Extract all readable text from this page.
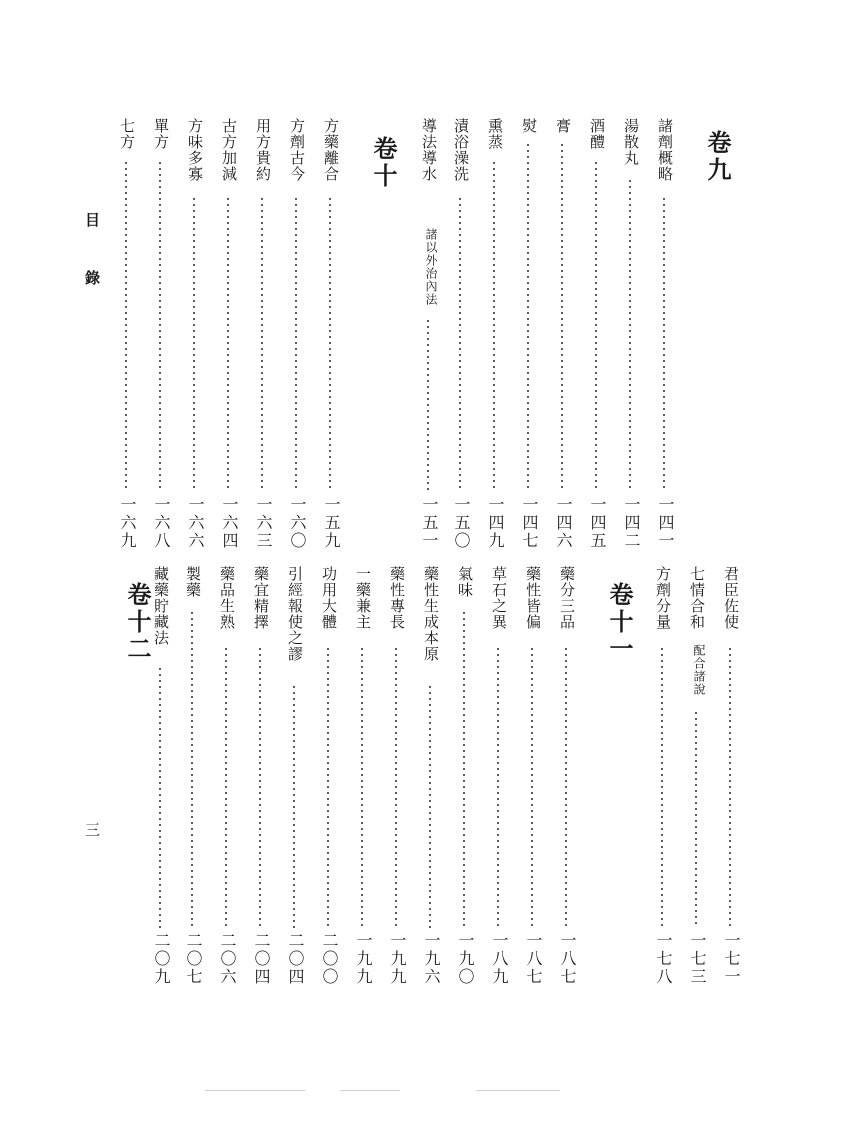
目
錄
三
卷九
諸劑概略
一四一
湯散丸
一四二
酒醴
一四五
膏
一四六
熨
一四七
熏蒸
一四九
漬浴澡洗
一五〇
導法導水
諸以外治內法
一五一
卷十
方藥離合
一五九
方劑古今
一六〇
用方貴約
一六三
古方加減
一六四
方味多寡
一六六
單方
一六八
七方
一六九
君臣佐使
一七一
七情合和
配合諸說
一七三
方劑分量
一七八
卷十一
藥分三品
一八七
藥性皆偏
一八七
草石之異
一八九
氣味
一九〇
藥性生成本原
一九六
藥性專長
一九九
一藥兼主
一九九
功用大體
二〇〇
引經報使之謬
二〇四
藥宜精擇
二〇四
藥品生熟
二〇六
製藥
二〇七
藏藥貯藏法
二〇九
卷十二
